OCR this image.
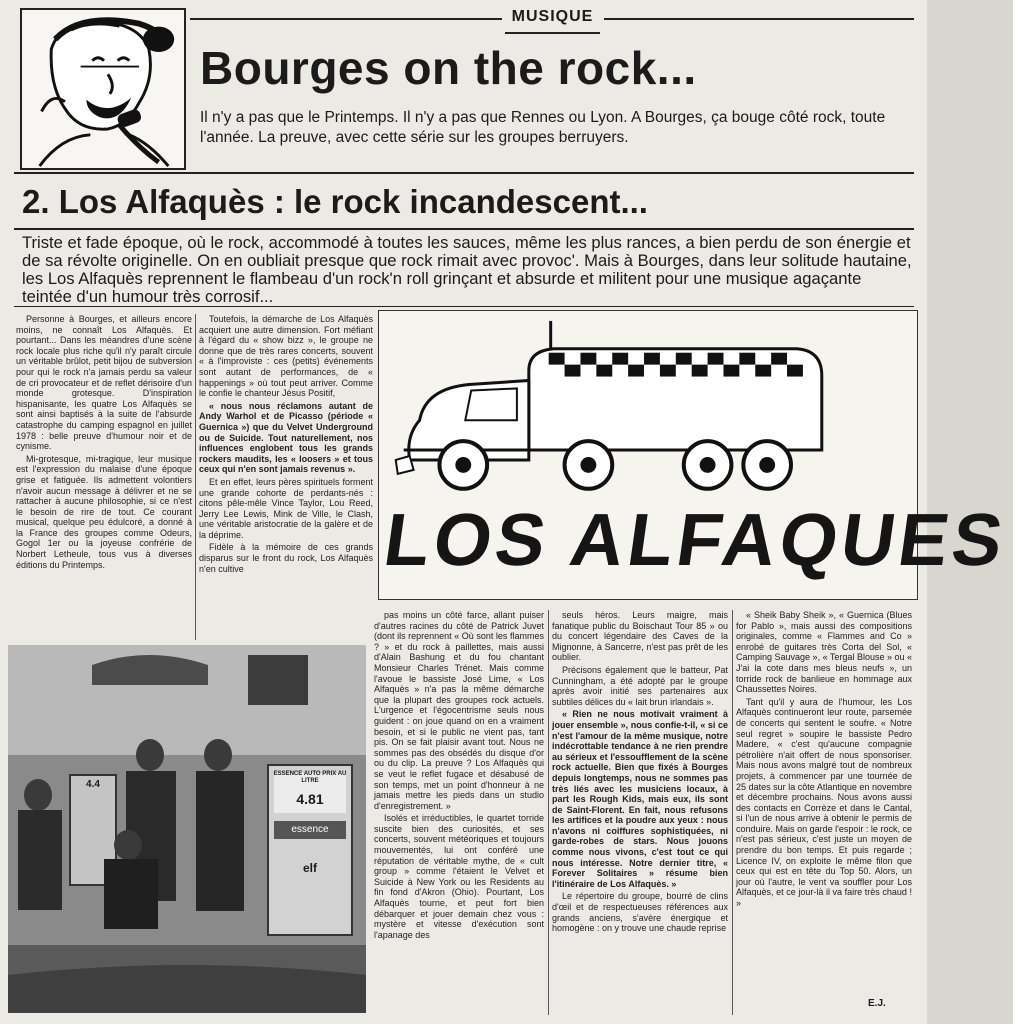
MUSIQUE
Bourges on the rock...
Il n'y a pas que le Printemps. Il n'y a pas que Rennes ou Lyon. A Bourges, ça bouge côté rock, toute l'année. La preuve, avec cette série sur les groupes berruyers.
2. Los Alfaquès : le rock incandescent...
Triste et fade époque, où le rock, accommodé à toutes les sauces, même les plus rances, a bien perdu de son énergie et de sa révolte originelle. On en oubliait presque que rock rimait avec provoc'. Mais à Bourges, dans leur solitude hautaine, les Los Alfaquès reprennent le flambeau d'un rock'n roll grinçant et absurde et militent pour une musique agaçante teintée d'un humour très corrosif...

Personne à Bourges, et ailleurs encore moins, ne connaît Los Alfaquès. Et pourtant... Dans les méandres d'une scène rock locale plus riche qu'il n'y paraît circule un véritable brûlot, petit bijou de subversion pour qui le rock n'a jamais perdu sa valeur de cri provocateur et de reflet dérisoire d'un monde grotesque. D'inspiration hispanisante, les quatre Los Alfaquès se sont ainsi baptisés à la suite de l'absurde catastrophe du camping espagnol en juillet 1978 : belle preuve d'humour noir et de cynisme.

Mi-grotesque, mi-tragique, leur musique est l'expression du malaise d'une époque grise et fatiguée. Ils admettent volontiers n'avoir aucun message à délivrer et ne se rattacher à aucune philosophie, si ce n'est le besoin de rire de tout. Ce courant musical, quelque peu édulcoré, a donné à la France des groupes comme Odeurs, Gogol 1er ou la joyeuse confrérie de Norbert Letheule, tous vus à diverses éditions du Printemps.

Toutefois, la démarche de Los Alfaquès acquiert une autre dimension. Fort méfiant à l'égard du « show bizz », le groupe ne donne que de très rares concerts, souvent « à l'improviste : ces (petits) événements sont autant de performances, de « happenings » où tout peut arriver. Comme le confie le chanteur Jésus Positif,

« nous nous réclamons autant de Andy Warhol et de Picasso (période « Guernica ») que du Velvet Underground ou de Suicide. Tout naturellement, nos influences englobent tous les grands rockers maudits, les « loosers » et tous ceux qui n'en sont jamais revenus ».

Et en effet, leurs pères spirituels forment une grande cohorte de perdants-nés : citons pêle-mêle Vince Taylor, Lou Reed, Jerry Lee Lewis, Mink de Ville, le Clash, une véritable aristocratie de la galère et de la déprime.

Fidèle à la mémoire de ces grands disparus sur le front du rock, Los Alfaquès n'en cultive	LOS ALFAQUES
ESSENCE AUTO PRIX AU LITRE
4.81
4.4
essence
elf

pas moins un côté farce, allant puiser d'autres racines du côté de Patrick Juvet (dont ils reprennent « Où sont les flammes ? » et du rock à paillettes, mais aussi d'Alain Bashung et du fou chantant Monsieur Charles Trénet. Mais comme l'avoue le bassiste José Lime, « Los Alfaquès » n'a pas la même démarche que la plupart des groupes rock actuels. L'urgence et l'égocentrisme seuls nous guident : on joue quand on en a vraiment besoin, et si le public ne vient pas, tant pis. On se fait plaisir avant tout. Nous ne sommes pas des obsédés du disque d'or ou du clip. La preuve ? Los Alfaquès qui se veut le reflet fugace et désabusé de son temps, met un point d'honneur à ne jamais mettre les pieds dans un studio d'enregistrement. »

Isolés et irréductibles, le quartet torride suscite bien des curiosités, et ses concerts, souvent météoriques et toujours mouvementés, lui ont conféré une réputation de véritable mythe, de « cult group » comme l'étaient le Velvet et Suicide à New York ou les Residents au fin fond d'Akron (Ohio). Pourtant, Los Alfaquès tourne, et peut fort bien débarquer et jouer demain chez vous : mystère et vitesse d'exécution sont l'apanage des

seuls héros. Leurs maigre, mais fanatique public du Boischaut Tour 85 » ou du concert légendaire des Caves de la Mignonne, à Sancerre, n'est pas prêt de les oublier.

Précisons également que le batteur, Pat Cunningham, a été adopté par le groupe après avoir initié ses partenaires aux subtiles délices du « lait brun irlandais ».

« Rien ne nous motivait vraiment à jouer ensemble », nous confie-t-il, « si ce n'est l'amour de la même musique, notre indécrottable tendance à ne rien prendre au sérieux et l'essoufflement de la scène rock actuelle. Bien que fixés à Bourges depuis longtemps, nous ne sommes pas très liés avec les musiciens locaux, à part les Rough Kids, mais eux, ils sont de Saint-Florent. En fait, nous refusons les artifices et la poudre aux yeux : nous n'avons ni coiffures sophistiquées, ni garde-robes de stars. Nous jouons comme nous vivons, c'est tout ce qui nous intéresse. Notre dernier titre, « Forever Solitaires » résume bien l'itinéraire de Los Alfaquès. »

Le répertoire du groupe, bourré de clins d'œil et de respectueuses références aux grands anciens, s'avère énergique et homogène : on y trouve une chaude reprise

« Sheik Baby Sheik », « Guernica (Blues for Pablo », mais aussi des compositions originales, comme « Flammes and Co » enrobé de guitares très Corta del Sol, « Camping Sauvage », « Tergal Blouse » ou « J'ai la cote dans mes bleus neufs », un torride rock de banlieue en hommage aux Chaussettes Noires.

Tant qu'il y aura de l'humour, les Los Alfaquès continueront leur route, parsemée de concerts qui sentent le soufre. « Notre seul regret » soupire le bassiste Pedro Madere, « c'est qu'aucune compagnie pétrolière n'ait offert de nous sponsoriser. Mais nous avons malgré tout de nombreux projets, à commencer par une tournée de 25 dates sur la côte Atlantique en novembre et décembre prochains. Nous avons aussi des contacts en Corrèze et dans le Cantal, si l'un de nous arrive à obtenir le permis de conduire. Mais on garde l'espoir : le rock, ce n'est pas sérieux, c'est juste un moyen de prendre du bon temps. Et puis regarde ; Licence IV, on exploite le même filon que ceux qui est en tête du Top 50. Alors, un jour où l'autre, le vent va souffler pour Los Alfaquès, et ce jour-là il va faire très chaud ! »

E.J.
